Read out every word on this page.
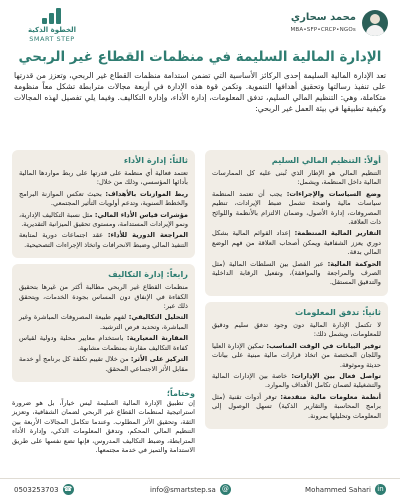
الخطوة الذكية
SMART STEP
محمد سحاري
MBA•SFP•CRCP•NGOs
الإدارة المالية السليمة في منظمات القطاع غير الربحي
تعد الإدارة المالية السليمة إحدى الركائز الأساسية التي تضمن استدامة منظمات القطاع غير الربحي، وتعزز من قدرتها على تنفيذ رسالتها وتحقيق أهدافها التنموية. وتكمن قوة هذه الإدارة في أربعة مجالات مترابطة تشكل معاً منظومة متكاملة، وهي: التنظيم المالي السليم، تدفق المعلومات، إدارة الأداء، وإدارة التكاليف. وفيما يلي تفصيل لهذه المجالات وكيفية تطبيقها في بيئة العمل غير الربحي:
أولاً: التنظيم المالي السليم

التنظيم المالي هو الإطار الذي تُبنى عليه كل الممارسات المالية داخل المنظمة، ويشمل:

وضع السياسات والإجراءات: يجب أن تعتمد المنظمة سياسات مالية واضحة تشمل ضبط الإيرادات، تنظيم المصروفات، إدارة الأصول، وضمان الالتزام بالأنظمة واللوائح ذات العلاقة.

التقارير المالية المنتظمة: إعداد القوائم المالية بشكل دوري يعزز الشفافية ويمكن أصحاب العلاقة من فهم الوضع المالي بدقة.

الحوكمة المالية: عبر الفصل بين السلطات المالية (مثل الصرف والمراجعة والموافقة)، وتفعيل الرقابة الداخلية والتدقيق المستقل.

ثانياً: تدفق المعلومات

لا تكتمل الإدارة المالية دون وجود تدفق سليم ودقيق للمعلومات، ويشمل ذلك:

توفير البيانات في الوقت المناسب: تمكين الإدارة العليا واللجان المختصة من اتخاذ قرارات مالية مبنية على بيانات حديثة وموثوقة.

تواصل فعال بين الإدارات: خاصة بين الإدارات المالية والتشغيلية لضمان تكامل الأهداف والموارد.

أنظمة معلومات مالية متقدمة: توفر أدوات تقنية (مثل برامج المحاسبة والتقارير الذكية) تسهل الوصول إلى المعلومات وتحليلها بمرونة.

ثالثاً: إدارة الأداء

تعتمد فعالية أي منظمة على قدرتها على ربط مواردها المالية بأدائها المؤسسي، وذلك من خلال:

ربط الموازنات بالأهداف: بحيث تعكس الموازنة البرامج والخطط السنوية، وتدعم أولويات التأثير المجتمعي.

مؤشرات قياس الأداء المالي: مثل نسبة التكاليف الإدارية، ونمو الإيرادات المستدامة، ومستوى تحقيق الميزانية التقديرية.

المراجعة الدورية للأداء: عقد اجتماعات دورية لمتابعة التنفيذ المالي وضبط الانحرافات واتخاذ الإجراءات التصحيحية.

رابعاً: إدارة التكاليف

منظمات القطاع غير الربحي مطالبة أكثر من غيرها بتحقيق الكفاءة في الإنفاق دون المساس بجودة الخدمات، ويتحقق ذلك عبر:

التحليل التكاليفي: لفهم طبيعة المصروفات المباشرة وغير المباشرة، وتحديد فرص الترشيد.

المقارنة المعيارية: باستخدام معايير محلية ودولية لقياس كفاءة التكاليف مقارنة بمنظمات مشابهة.

التركيز على الأثر: من خلال تقييم تكلفة كل برنامج أو خدمة مقابل الأثر الاجتماعي المحقق.

وختاماً؛

إن تطبيق الإدارة المالية السليمة ليس خياراً، بل هو ضرورة استراتيجية لمنظمات القطاع غير الربحي لضمان الشفافية، وتعزيز الثقة، وتحقيق الأثر المطلوب. وعندما تتكامل المجالات الأربعة بين التنظيم المالي المحكم، وتدفق المعلومات الذكي، وإدارة الأداء المترابطة، وضبط التكاليف المدروس، فإنها تضع نفسها على طريق الاستدامة والتميز في خدمة مجتمعها.

☎
0503253703	@
info@smartstep.sa	in
Mohammed Sahari
